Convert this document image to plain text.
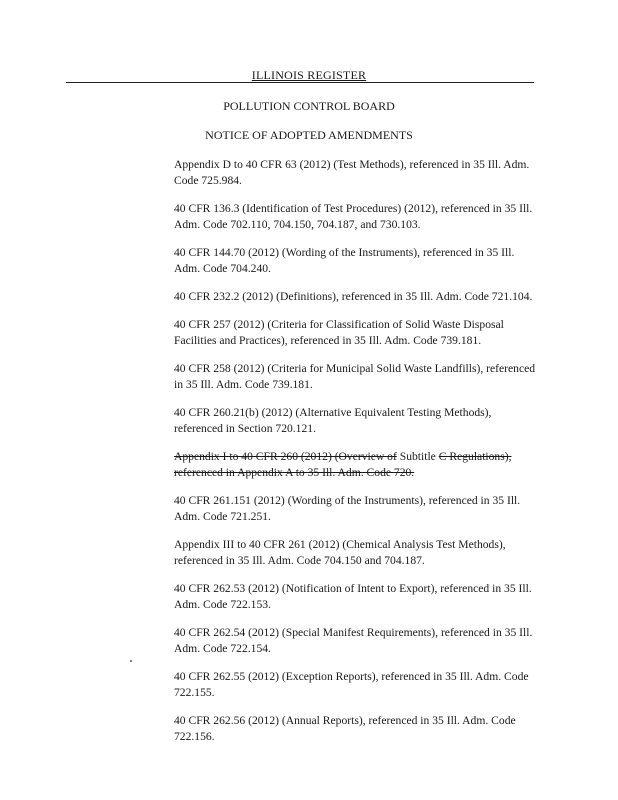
ILLINOIS REGISTER
POLLUTION CONTROL BOARD
NOTICE OF ADOPTED AMENDMENTS

Appendix D to 40 CFR 63 (2012) (Test Methods), referenced in 35 Ill. Adm. Code 725.984.

40 CFR 136.3 (Identification of Test Procedures) (2012), referenced in 35 Ill. Adm. Code 702.110, 704.150, 704.187, and 730.103.

40 CFR 144.70 (2012) (Wording of the Instruments), referenced in 35 Ill. Adm. Code 704.240.

40 CFR 232.2 (2012) (Definitions), referenced in 35 Ill. Adm. Code 721.104.

40 CFR 257 (2012) (Criteria for Classification of Solid Waste Disposal Facilities and Practices), referenced in 35 Ill. Adm. Code 739.181.

40 CFR 258 (2012) (Criteria for Municipal Solid Waste Landfills), referenced in 35 Ill. Adm. Code 739.181.

40 CFR 260.21(b) (2012) (Alternative Equivalent Testing Methods), referenced in Section 720.121.

Appendix I to 40 CFR 260 (2012) (Overview of Subtitle C Regulations), referenced in Appendix A to 35 Ill. Adm. Code 720.

40 CFR 261.151 (2012) (Wording of the Instruments), referenced in 35 Ill. Adm. Code 721.251.

Appendix III to 40 CFR 261 (2012) (Chemical Analysis Test Methods), referenced in 35 Ill. Adm. Code 704.150 and 704.187.

40 CFR 262.53 (2012) (Notification of Intent to Export), referenced in 35 Ill. Adm. Code 722.153.

40 CFR 262.54 (2012) (Special Manifest Requirements), referenced in 35 Ill. Adm. Code 722.154.

40 CFR 262.55 (2012) (Exception Reports), referenced in 35 Ill. Adm. Code 722.155.

40 CFR 262.56 (2012) (Annual Reports), referenced in 35 Ill. Adm. Code 722.156.
